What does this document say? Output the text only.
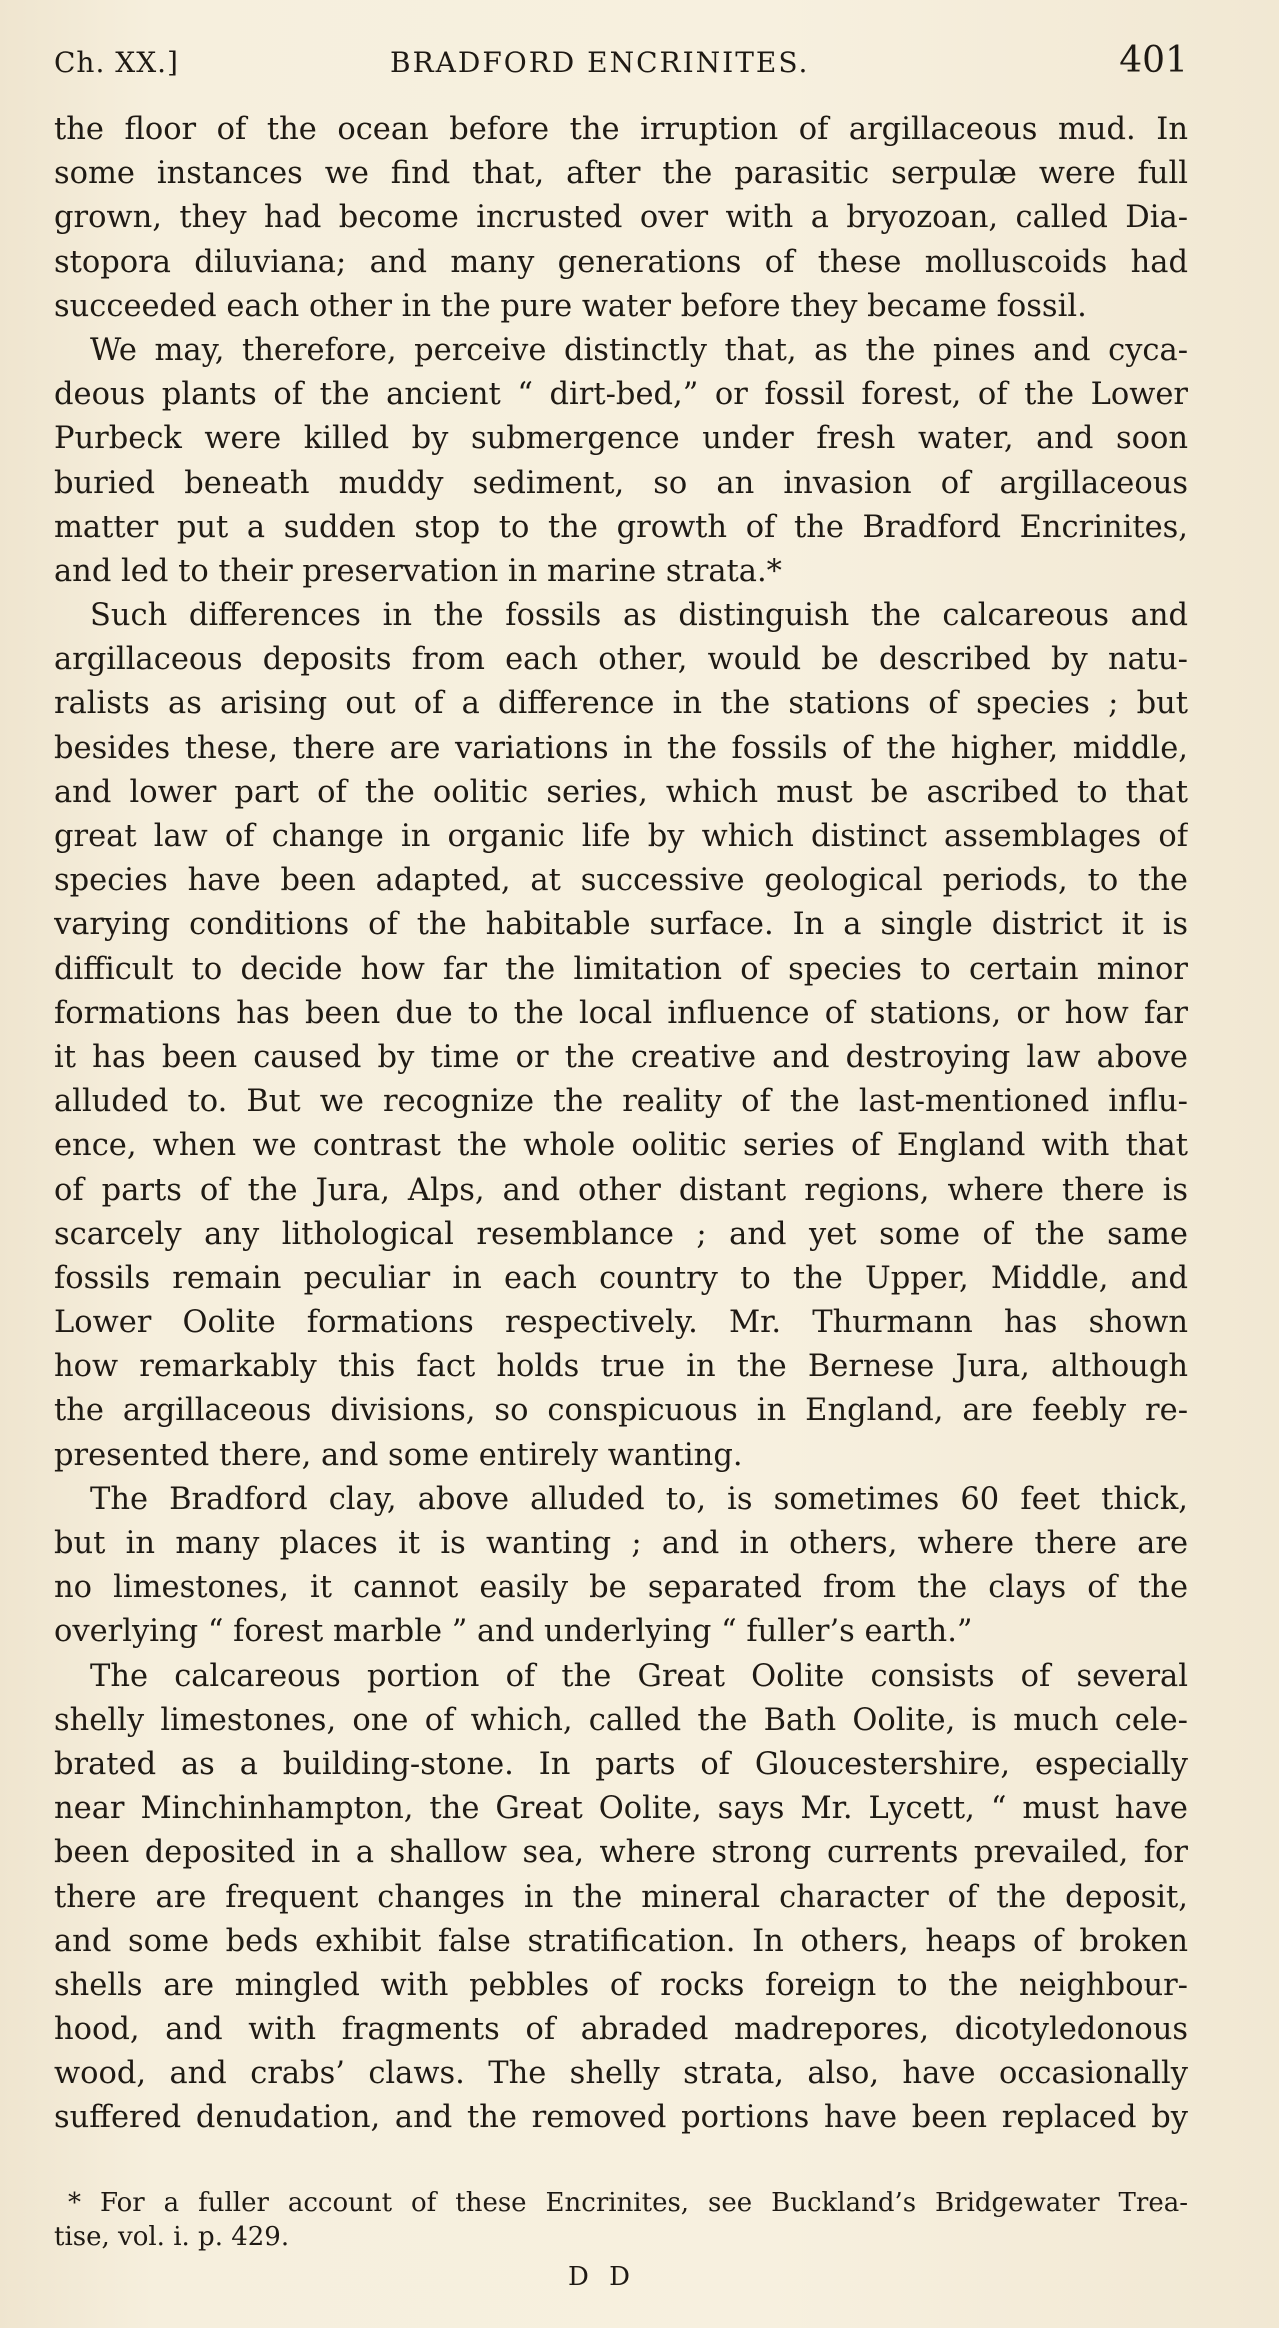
Ch. XX.]	BRADFORD ENCRINITES.	401
the floor of the ocean before the irruption of argillaceous mud. In
some instances we find that, after the parasitic serpulæ were full
grown, they had become incrusted over with a bryozoan, called Dia-
stopora diluviana; and many generations of these molluscoids had
succeeded each other in the pure water before they became fossil.
We may, therefore, perceive distinctly that, as the pines and cyca-
deous plants of the ancient “ dirt-bed,” or fossil forest, of the Lower
Purbeck were killed by submergence under fresh water, and soon
buried beneath muddy sediment, so an invasion of argillaceous
matter put a sudden stop to the growth of the Bradford Encrinites,
and led to their preservation in marine strata.*
Such differences in the fossils as distinguish the calcareous and
argillaceous deposits from each other, would be described by natu-
ralists as arising out of a difference in the stations of species ; but
besides these, there are variations in the fossils of the higher, middle,
and lower part of the oolitic series, which must be ascribed to that
great law of change in organic life by which distinct assemblages of
species have been adapted, at successive geological periods, to the
varying conditions of the habitable surface. In a single district it is
difficult to decide how far the limitation of species to certain minor
formations has been due to the local influence of stations, or how far
it has been caused by time or the creative and destroying law above
alluded to. But we recognize the reality of the last-mentioned influ-
ence, when we contrast the whole oolitic series of England with that
of parts of the Jura, Alps, and other distant regions, where there is
scarcely any lithological resemblance ; and yet some of the same
fossils remain peculiar in each country to the Upper, Middle, and
Lower Oolite formations respectively. Mr. Thurmann has shown
how remarkably this fact holds true in the Bernese Jura, although
the argillaceous divisions, so conspicuous in England, are feebly re-
presented there, and some entirely wanting.
The Bradford clay, above alluded to, is sometimes 60 feet thick,
but in many places it is wanting ; and in others, where there are
no limestones, it cannot easily be separated from the clays of the
overlying “ forest marble ” and underlying “ fuller’s earth.”
The calcareous portion of the Great Oolite consists of several
shelly limestones, one of which, called the Bath Oolite, is much cele-
brated as a building-stone. In parts of Gloucestershire, especially
near Minchinhampton, the Great Oolite, says Mr. Lycett, “ must have
been deposited in a shallow sea, where strong currents prevailed, for
there are frequent changes in the mineral character of the deposit,
and some beds exhibit false stratification. In others, heaps of broken
shells are mingled with pebbles of rocks foreign to the neighbour-
hood, and with fragments of abraded madrepores, dicotyledonous
wood, and crabs’ claws. The shelly strata, also, have occasionally
suffered denudation, and the removed portions have been replaced by
* For a fuller account of these Encrinites, see Buckland’s Bridgewater Trea-
tise, vol. i. p. 429.
D D
